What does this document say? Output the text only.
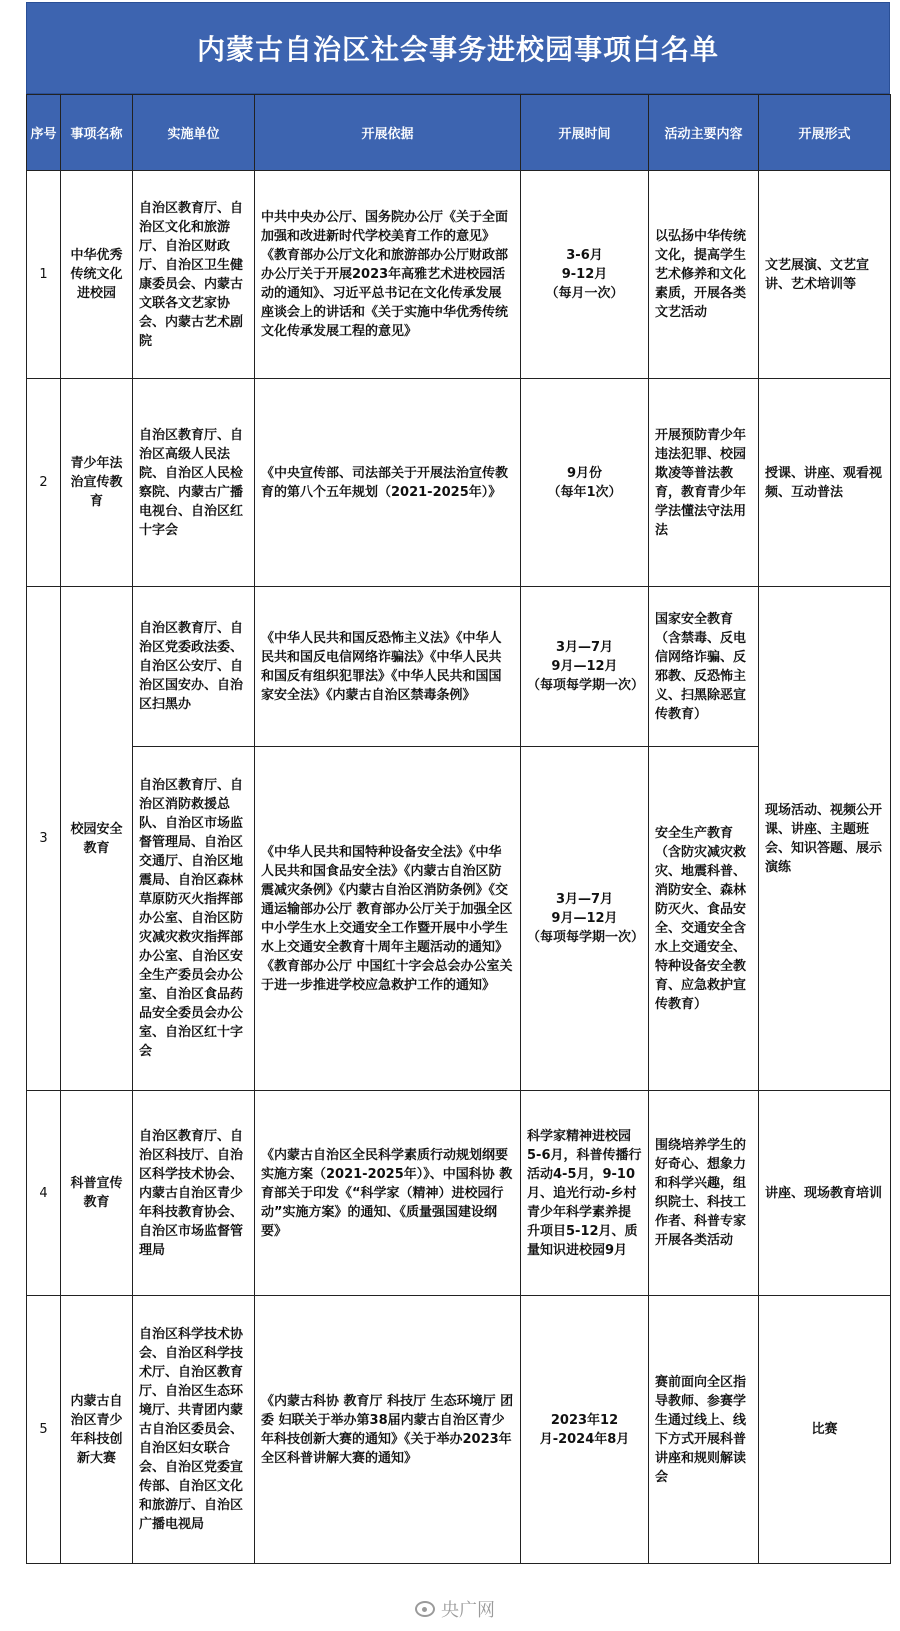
内蒙古自治区社会事务进校园事项白名单
序号	事项名称	实施单位	开展依据	开展时间	活动主要内容	开展形式
1	中华优秀传统文化进校园	自治区教育厅、自治区文化和旅游厅、自治区财政厅、自治区卫生健康委员会、内蒙古文联各文艺家协会、内蒙古艺术剧院	中共中央办公厅、国务院办公厅《关于全面加强和改进新时代学校美育工作的意见》《教育部办公厅文化和旅游部办公厅财政部办公厅关于开展2023年高雅艺术进校园活动的通知》、习近平总书记在文化传承发展座谈会上的讲话和《关于实施中华优秀传统文化传承发展工程的意见》	3-6月
9-12月
（每月一次）	以弘扬中华传统文化，提高学生艺术修养和文化素质，开展各类文艺活动	文艺展演、文艺宣讲、艺术培训等
2	青少年法治宣传教育	自治区教育厅、自治区高级人民法院、自治区人民检察院、内蒙古广播电视台、自治区红十字会	《中央宣传部、司法部关于开展法治宣传教育的第八个五年规划（2021-2025年）》	9月份
（每年1次）	开展预防青少年违法犯罪、校园欺凌等普法教育，教育青少年学法懂法守法用法	授课、讲座、观看视频、互动普法
3	校园安全教育	自治区教育厅、自治区党委政法委、自治区公安厅、自治区国安办、自治区扫黑办	《中华人民共和国反恐怖主义法》《中华人民共和国反电信网络诈骗法》《中华人民共和国反有组织犯罪法》《中华人民共和国国家安全法》《内蒙古自治区禁毒条例》	3月—7月
9月—12月
（每项每学期一次）	国家安全教育（含禁毒、反电信网络诈骗、反邪教、反恐怖主义、扫黑除恶宣传教育）	现场活动、视频公开课、讲座、主题班会、知识答题、展示演练
		自治区教育厅、自治区消防救援总队、自治区市场监督管理局、自治区交通厅、自治区地震局、自治区森林草原防灭火指挥部办公室、自治区防灾减灾救灾指挥部办公室、自治区安全生产委员会办公室、自治区食品药品安全委员会办公室、自治区红十字会	《中华人民共和国特种设备安全法》《中华人民共和国食品安全法》《内蒙古自治区防震减灾条例》《内蒙古自治区消防条例》《交通运输部办公厅 教育部办公厅关于加强全区中小学生水上交通安全工作暨开展中小学生水上交通安全教育十周年主题活动的通知》《教育部办公厅 中国红十字会总会办公室关于进一步推进学校应急救护工作的通知》	3月—7月
9月—12月
（每项每学期一次）	安全生产教育（含防灾减灾救灾、地震科普、消防安全、森林防灭火、食品安全、交通安全含水上交通安全、特种设备安全教育、应急救护宣传教育）	
4	科普宣传教育	自治区教育厅、自治区科技厅、自治区科学技术协会、内蒙古自治区青少年科技教育协会、自治区市场监督管理局	《内蒙古自治区全民科学素质行动规划纲要实施方案（2021-2025年）》、中国科协 教育部关于印发《“科学家（精神）进校园行动”实施方案》的通知、《质量强国建设纲要》	科学家精神进校园5-6月，科普传播行活动4-5月，9-10月、追光行动-乡村青少年科学素养提升项目5-12月、质量知识进校园9月	围绕培养学生的好奇心、想象力和科学兴趣，组织院士、科技工作者、科普专家开展各类活动	讲座、现场教育培训
5	内蒙古自治区青少年科技创新大赛	自治区科学技术协会、自治区科学技术厅、自治区教育厅、自治区生态环境厅、共青团内蒙古自治区委员会、自治区妇女联合会、自治区党委宣传部、自治区文化和旅游厅、自治区广播电视局	《内蒙古科协 教育厅 科技厅 生态环境厅 团委 妇联关于举办第38届内蒙古自治区青少年科技创新大赛的通知》《关于举办2023年全区科普讲解大赛的通知》	2023年12月-2024年8月	赛前面向全区指导教师、参赛学生通过线上、线下方式开展科普讲座和规则解读会	比赛
央广网
